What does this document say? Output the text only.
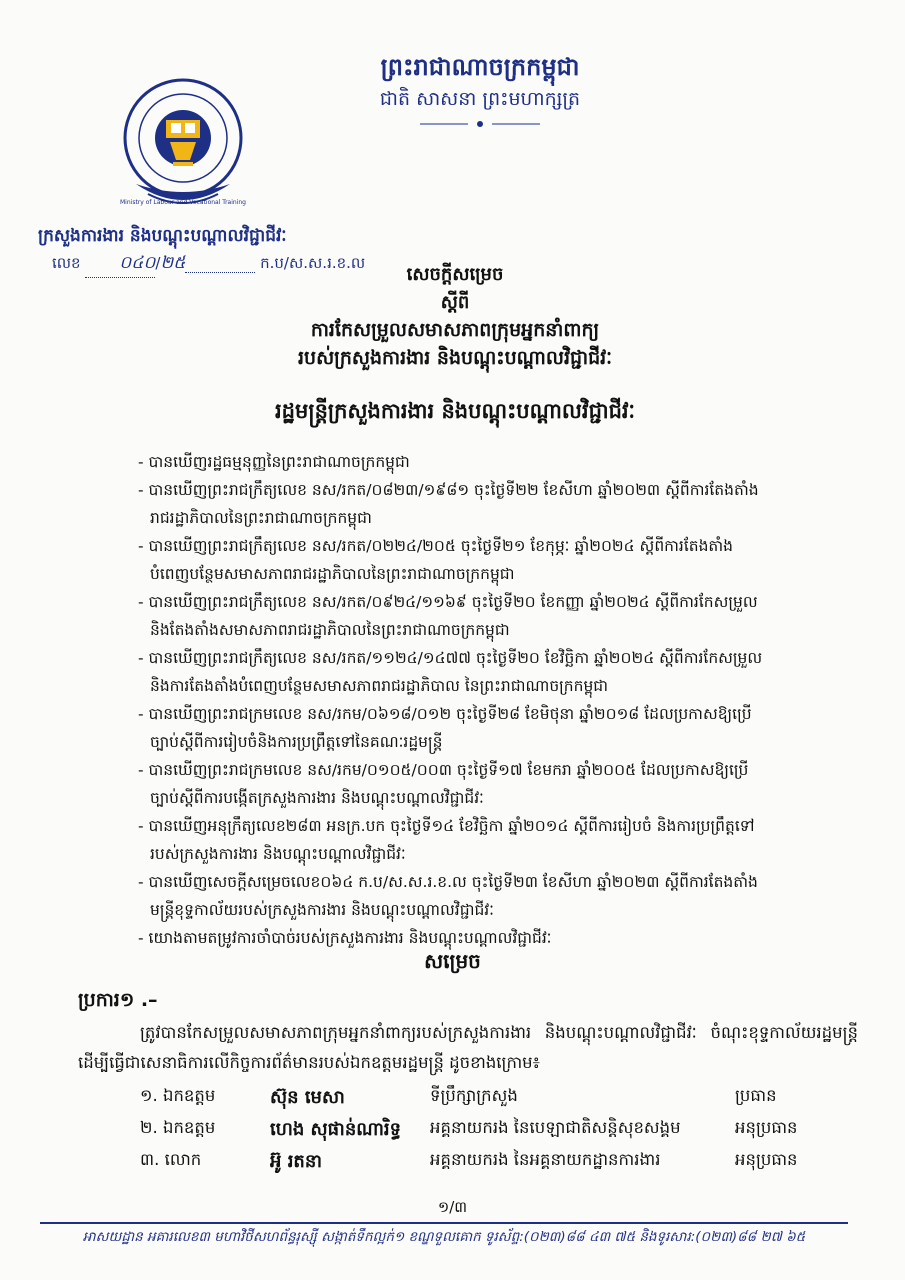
Ministry of Labour and Vocational Training
ព្រះរាជាណាចក្រកម្ពុជា
ជាតិ សាសនា ព្រះមហាក្សត្រ
ក្រសួងការងារ និងបណ្តុះបណ្តាលវិជ្ជាជីវៈ
លេខ ០៤០/២៥	ក.ប/ស.ស.រ.ខ.ល
សេចក្តីសម្រេច
ស្តីពី
ការកែសម្រួលសមាសភាពក្រុមអ្នកនាំពាក្យ
របស់ក្រសួងការងារ និងបណ្តុះបណ្តាលវិជ្ជាជីវៈ
រដ្ឋមន្ត្រីក្រសួងការងារ និងបណ្តុះបណ្តាលវិជ្ជាជីវៈ
- បានឃើញរដ្ឋធម្មនុញ្ញនៃព្រះរាជាណាចក្រកម្ពុជា
- បានឃើញព្រះរាជក្រឹត្យលេខ នស/រកត/០៨២៣/១៩៨១ ចុះថ្ងៃទី២២ ខែសីហា ឆ្នាំ២០២៣ ស្តីពីការតែងតាំង
រាជរដ្ឋាភិបាលនៃព្រះរាជាណាចក្រកម្ពុជា
- បានឃើញព្រះរាជក្រឹត្យលេខ នស/រកត/០២២៤/២០៥ ចុះថ្ងៃទី២១ ខែកុម្ភៈ ឆ្នាំ២០២៤ ស្តីពីការតែងតាំង
បំពេញបន្ថែមសមាសភាពរាជរដ្ឋាភិបាលនៃព្រះរាជាណាចក្រកម្ពុជា
- បានឃើញព្រះរាជក្រឹត្យលេខ នស/រកត/០៩២៤/១១៦៩ ចុះថ្ងៃទី២០ ខែកញ្ញា ឆ្នាំ២០២៤ ស្តីពីការកែសម្រួល
និងតែងតាំងសមាសភាពរាជរដ្ឋាភិបាលនៃព្រះរាជាណាចក្រកម្ពុជា
- បានឃើញព្រះរាជក្រឹត្យលេខ នស/រកត/១១២៤/១៤៧៧ ចុះថ្ងៃទី២០ ខែវិច្ឆិកា ឆ្នាំ២០២៤ ស្តីពីការកែសម្រួល
និងការតែងតាំងបំពេញបន្ថែមសមាសភាពរាជរដ្ឋាភិបាល នៃព្រះរាជាណាចក្រកម្ពុជា
- បានឃើញព្រះរាជក្រមលេខ នស/រកម/០៦១៨/០១២ ចុះថ្ងៃទី២៨ ខែមិថុនា ឆ្នាំ២០១៨ ដែលប្រកាសឱ្យប្រើ
ច្បាប់ស្តីពីការរៀបចំនិងការប្រព្រឹត្តទៅនៃគណៈរដ្ឋមន្ត្រី
- បានឃើញព្រះរាជក្រមលេខ នស/រកម/០១០៥/០០៣ ចុះថ្ងៃទី១៧ ខែមករា ឆ្នាំ២០០៥ ដែលប្រកាសឱ្យប្រើ
ច្បាប់ស្តីពីការបង្កើតក្រសួងការងារ និងបណ្តុះបណ្តាលវិជ្ជាជីវៈ
- បានឃើញអនុក្រឹត្យលេខ២៨៣ អនក្រ.បក ចុះថ្ងៃទី១៤ ខែវិច្ឆិកា ឆ្នាំ២០១៤ ស្តីពីការរៀបចំ និងការប្រព្រឹត្តទៅ
របស់ក្រសួងការងារ និងបណ្តុះបណ្តាលវិជ្ជាជីវៈ
- បានឃើញសេចក្តីសម្រេចលេខ០៦៤ ក.ប/ស.ស.រ.ខ.ល ចុះថ្ងៃទី២៣ ខែសីហា ឆ្នាំ២០២៣ ស្តីពីការតែងតាំង
មន្ត្រីខុទ្ទកាល័យរបស់ក្រសួងការងារ និងបណ្តុះបណ្តាលវិជ្ជាជីវៈ
- យោងតាមតម្រូវការចាំបាច់របស់ក្រសួងការងារ និងបណ្តុះបណ្តាលវិជ្ជាជីវៈ
សម្រេច
ប្រការ១ .–
ត្រូវបានកែសម្រួលសមាសភាពក្រុមអ្នកនាំពាក្យរបស់ក្រសួងការងារ និងបណ្តុះបណ្តាលវិជ្ជាជីវៈ ចំណុះខុទ្ទកាល័យរដ្ឋមន្ត្រី ដើម្បីធ្វើជាសេនាធិការលើកិច្ចការព័ត៌មានរបស់ឯកឧត្តមរដ្ឋមន្ត្រី ដូចខាងក្រោម៖
១. ឯកឧត្តម	ស៊ុន មេសា	ទីប្រឹក្សាក្រសួង	ប្រធាន
២. ឯកឧត្តម	ហេង សុផាន់ណារិទ្ធ	អគ្គនាយករង នៃបេឡាជាតិសន្តិសុខសង្គម	អនុប្រធាន
៣. លោក	អ៊ូ រតនា	អគ្គនាយករង នៃអគ្គនាយកដ្ឋានការងារ	អនុប្រធាន
១/៣
អាសយដ្ឋាន អគារលេខ៣ មហាវិថីសហព័ន្ធរុស្ស៊ី សង្កាត់ទឹកល្អក់១ ខណ្ឌទួលគោក ទូរស័ព្ទ:(០២៣)៨៨ ៤៣ ៧៥ និងទូរសារ:(០២៣)៨៨ ២៧ ៦៥
